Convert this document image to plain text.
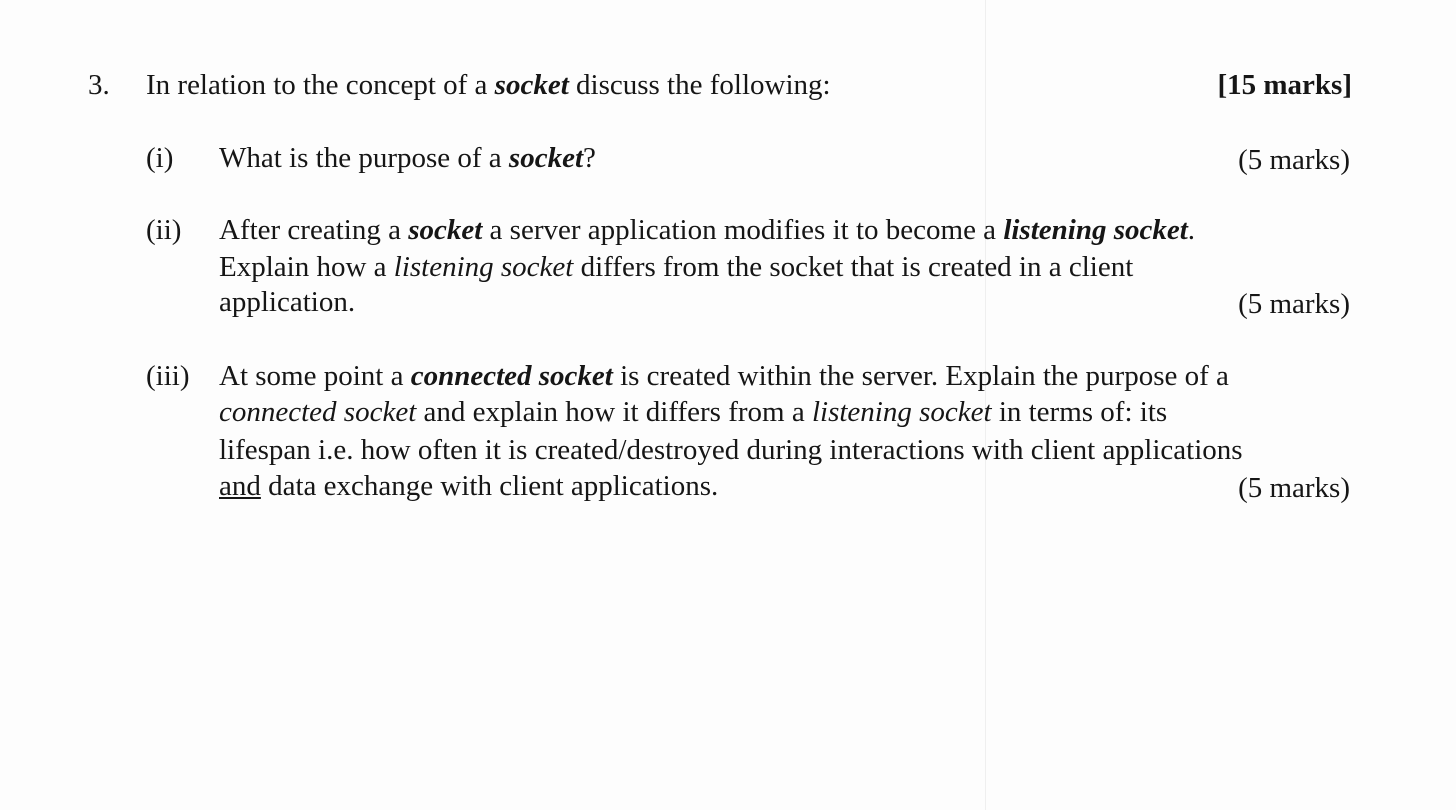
3. In relation to the concept of a socket discuss the following:	[15 marks]
(i) What is the purpose of a socket?	(5 marks)
(ii) After creating a socket a server application modifies it to become a listening socket.
Explain how a listening socket differs from the socket that is created in a client
application.	(5 marks)
(iii) At some point a connected socket is created within the server. Explain the purpose of a
connected socket and explain how it differs from a listening socket in terms of: its
lifespan i.e. how often it is created/destroyed during interactions with client applications
and data exchange with client applications.	(5 marks)
